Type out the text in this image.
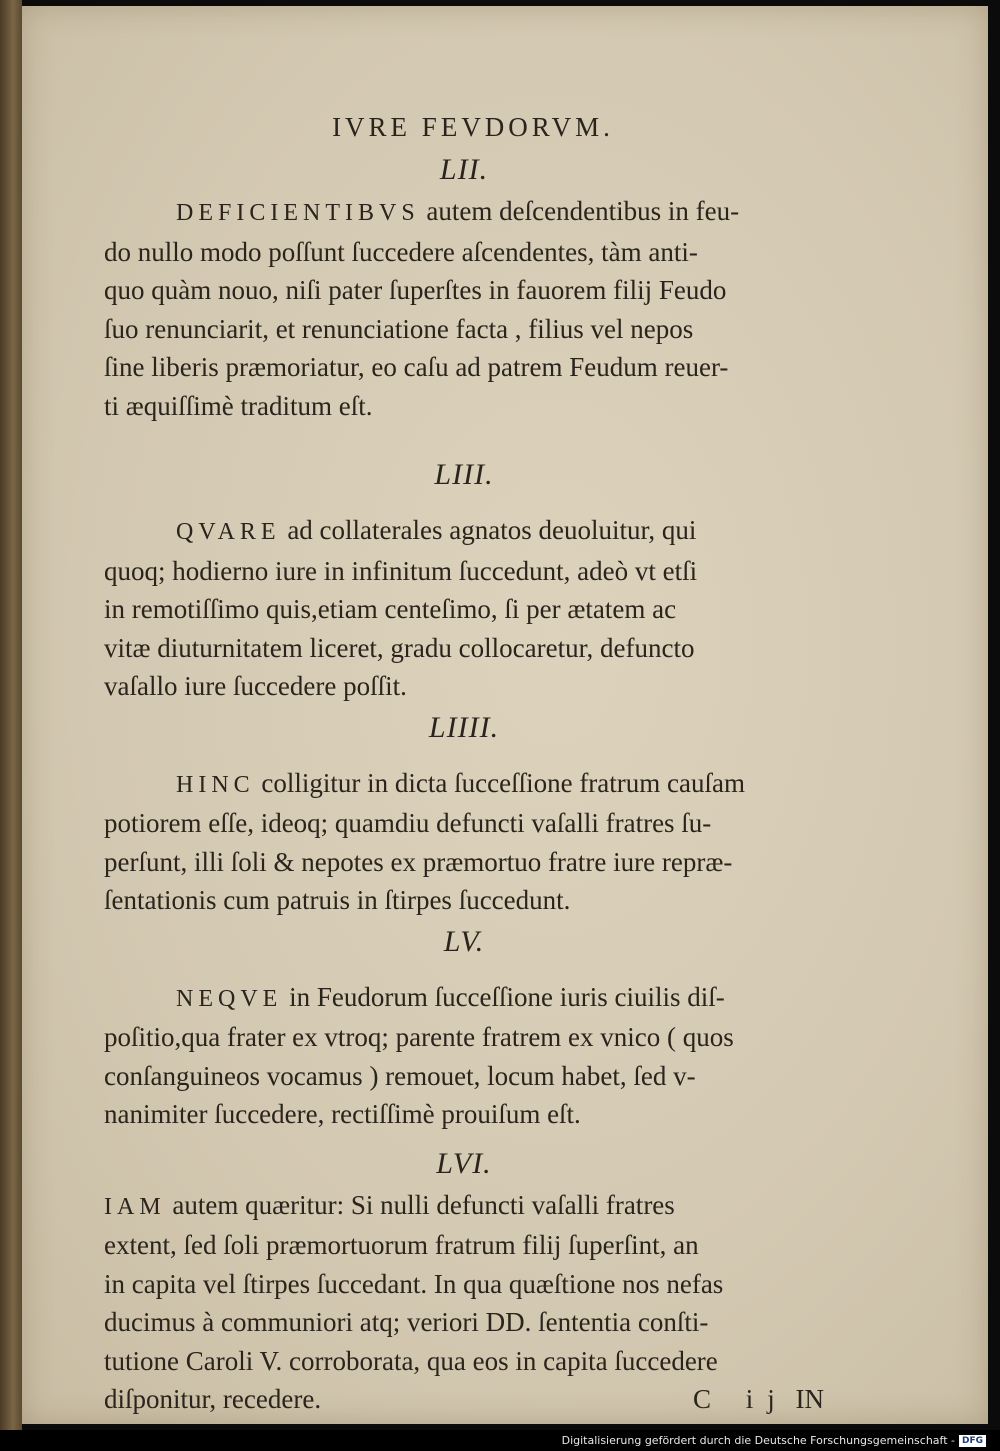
IVRE FEVDORVM.
LII.
DEFICIENTIBVS autem deſcendentibus in feu-
do nullo modo poſſunt ſuccedere aſcendentes, tàm anti-
quo quàm nouo, niſi pater ſuperſtes in fauorem filij Feudo
ſuo renunciarit, et renunciatione facta , filius vel nepos
ſine liberis præmoriatur, eo caſu ad patrem Feudum reuer-
ti æquiſſimè traditum eſt.
LIII.
QVARE ad collaterales agnatos deuoluitur, qui
quoq; hodierno iure in infinitum ſuccedunt, adeò vt etſi
in remotiſſimo quis,etiam centeſimo, ſi per ætatem ac
vitæ diuturnitatem liceret, gradu collocaretur, defuncto
vaſallo iure ſuccedere poſſit.
LIIII.
HINC colligitur in dicta ſucceſſione fratrum cauſam
potiorem eſſe, ideoq; quamdiu defuncti vaſalli fratres ſu-
perſunt, illi ſoli & nepotes ex præmortuo fratre iure repræ-
ſentationis cum patruis in ſtirpes ſuccedunt.
LV.
NEQVE in Feudorum ſucceſſione iuris ciuilis diſ-
poſitio,qua frater ex vtroq; parente fratrem ex vnico ( quos
conſanguineos vocamus ) remouet, locum habet, ſed v-
nanimiter ſuccedere, rectiſſimè prouiſum eſt.
LVI.
IAM autem quæritur: Si nulli defuncti vaſalli fratres
extent, ſed ſoli præmortuorum fratrum filij ſuperſint, an
in capita vel ſtirpes ſuccedant. In qua quæſtione nos nefas
ducimus à communiori atq; veriori DD. ſententia conſti-
tutione Caroli V. corroborata, qua eos in capita ſuccedere
diſponitur, recedere.	C ij IN
Digitalisierung gefördert durch die Deutsche Forschungsgemeinschaft - DFG
